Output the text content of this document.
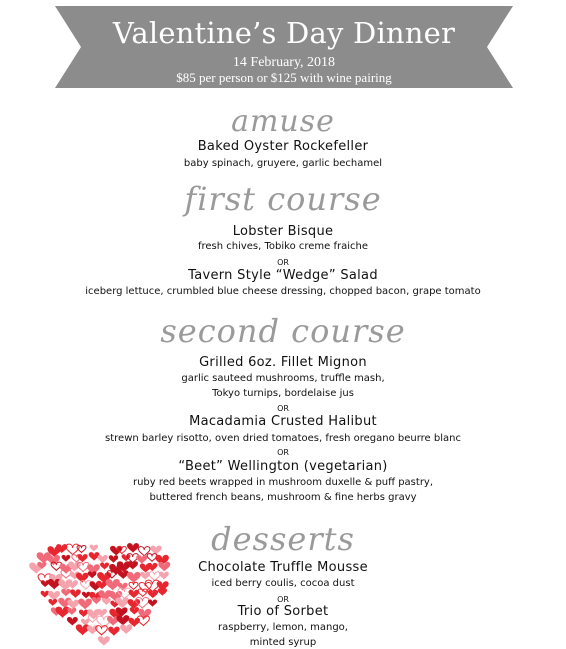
Valentine’s Day Dinner
14 February, 2018
$85 per person or $125 with wine pairing
amuse
Baked Oyster Rockefeller
baby spinach, gruyere, garlic bechamel
first course
Lobster Bisque
fresh chives, Tobiko creme fraiche
OR
Tavern Style “Wedge” Salad
iceberg lettuce, crumbled blue cheese dressing, chopped bacon, grape tomato
second course
Grilled 6oz. Fillet Mignon
garlic sauteed mushrooms, truffle mash,
Tokyo turnips, bordelaise jus
OR
Macadamia Crusted Halibut
strewn barley risotto, oven dried tomatoes, fresh oregano beurre blanc
OR
“Beet” Wellington (vegetarian)
ruby red beets wrapped in mushroom duxelle & puff pastry,
buttered french beans, mushroom & fine herbs gravy
desserts
Chocolate Truffle Mousse
iced berry coulis, cocoa dust
OR
Trio of Sorbet
raspberry, lemon, mango,
minted syrup
